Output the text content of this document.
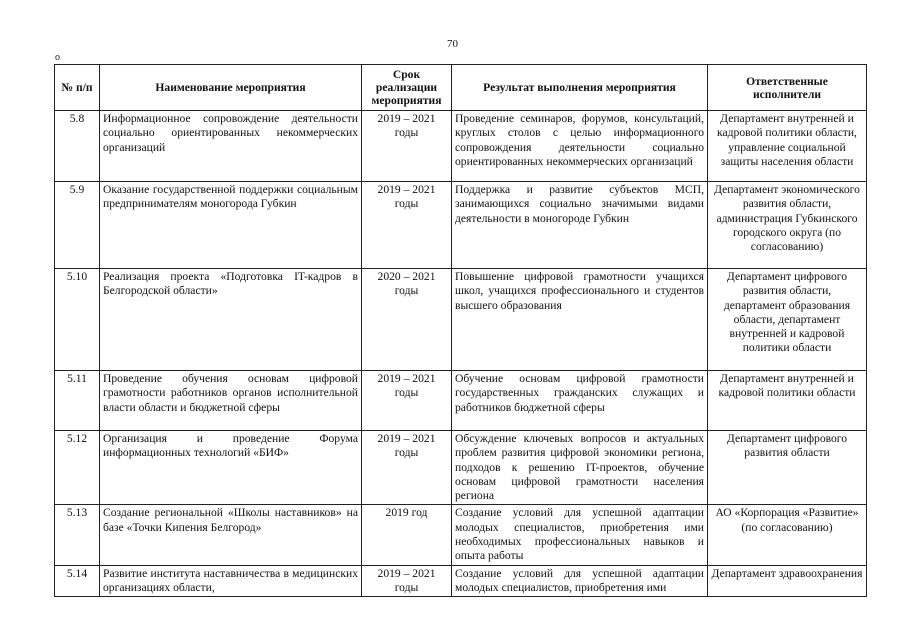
70
o
№ п/п	Наименование мероприятия	Срок реализации мероприятия	Результат выполнения мероприятия	Ответственные исполнители
5.8	Информационное сопровождение деятельности социально ориентированных некоммерческих организаций	2019 – 2021 годы	Проведение семинаров, форумов, консультаций, круглых столов с целью информационного сопровождения деятельности социально ориентированных некоммерческих организаций	Департамент внутренней и кадровой политики области, управление социальной защиты населения области
5.9	Оказание государственной поддержки социальным предпринимателям моногорода Губкин	2019 – 2021 годы	Поддержка и развитие субъектов МСП, занимающихся социально значимыми видами деятельности в моногороде Губкин	Департамент экономического развития области, администрация Губкинского городского округа (по согласованию)
5.10	Реализация проекта «Подготовка IT-кадров в Белгородской области»	2020 – 2021 годы	Повышение цифровой грамотности учащихся школ, учащихся профессионального и студентов высшего образования	Департамент цифрового развития области, департамент образования области, департамент внутренней и кадровой политики области
5.11	Проведение обучения основам цифровой грамотности работников органов исполнительной власти области и бюджетной сферы	2019 – 2021 годы	Обучение основам цифровой грамотности государственных гражданских служащих и работников бюджетной сферы	Департамент внутренней и кадровой политики области
5.12	Организация и проведение Форума информационных технологий «БИФ»	2019 – 2021 годы	Обсуждение ключевых вопросов и актуальных проблем развития цифровой экономики региона, подходов к решению IT-проектов, обучение основам цифровой грамотности населения региона	Департамент цифрового развития области
5.13	Создание региональной «Школы наставников» на базе «Точки Кипения Белгород»	2019 год	Создание условий для успешной адаптации молодых специалистов, приобретения ими необходимых профессиональных навыков и опыта работы	АО «Корпорация «Развитие» (по согласованию)
5.14	Развитие института наставничества в медицинских организациях области,	2019 – 2021 годы	Создание условий для успешной адаптации молодых специалистов, приобретения ими	Департамент здравоохранения
